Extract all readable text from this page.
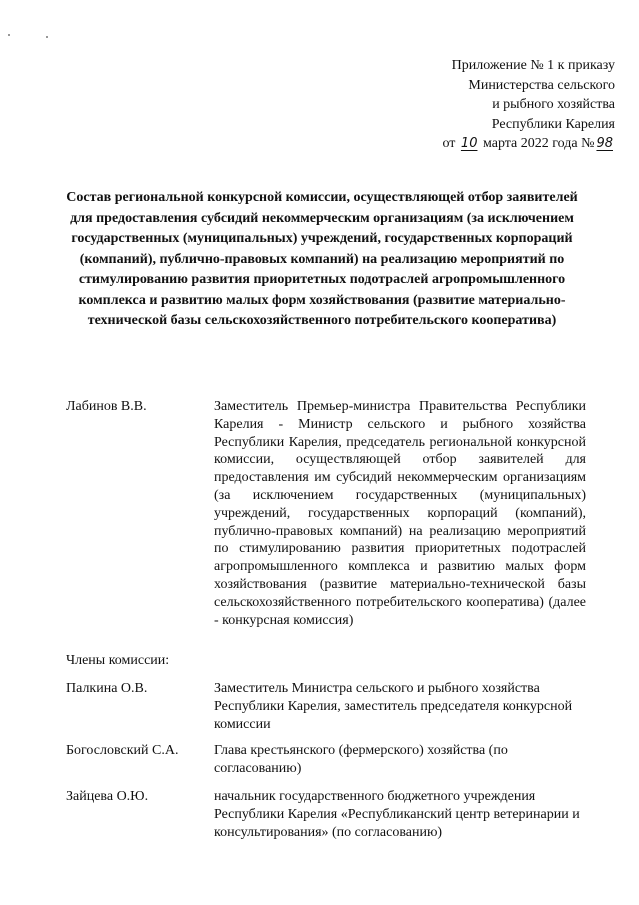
Приложение № 1 к приказу
Министерства сельского
и рыбного хозяйства
Республики Карелия
от 10 марта 2022 года № 98
Состав региональной конкурсной комиссии, осуществляющей отбор заявителей для предоставления субсидий некоммерческим организациям (за исключением государственных (муниципальных) учреждений, государственных корпораций (компаний), публично-правовых компаний) на реализацию мероприятий по стимулированию развития приоритетных подотраслей агропромышленного комплекса и развитию малых форм хозяйствования (развитие материально-технической базы сельскохозяйственного потребительского кооператива)
Лабинов В.В.	Заместитель Премьер-министра Правительства Республики Карелия - Министр сельского и рыбного хозяйства Республики Карелия, председатель региональной конкурсной комиссии, осуществляющей отбор заявителей для предоставления им субсидий некоммерческим организациям (за исключением государственных (муниципальных) учреждений, государственных корпораций (компаний), публично-правовых компаний) на реализацию мероприятий по стимулированию развития приоритетных подотраслей агропромышленного комплекса и развитию малых форм хозяйствования (развитие материально-технической базы сельскохозяйственного потребительского кооператива) (далее - конкурсная комиссия)
Члены комиссии:
Палкина О.В.	Заместитель Министра сельского и рыбного хозяйства Республики Карелия, заместитель председателя конкурсной комиссии
Богословский С.А.	Глава крестьянского (фермерского) хозяйства (по согласованию)
Зайцева О.Ю.	начальник государственного бюджетного учреждения Республики Карелия «Республиканский центр ветеринарии и консультирования» (по согласованию)
